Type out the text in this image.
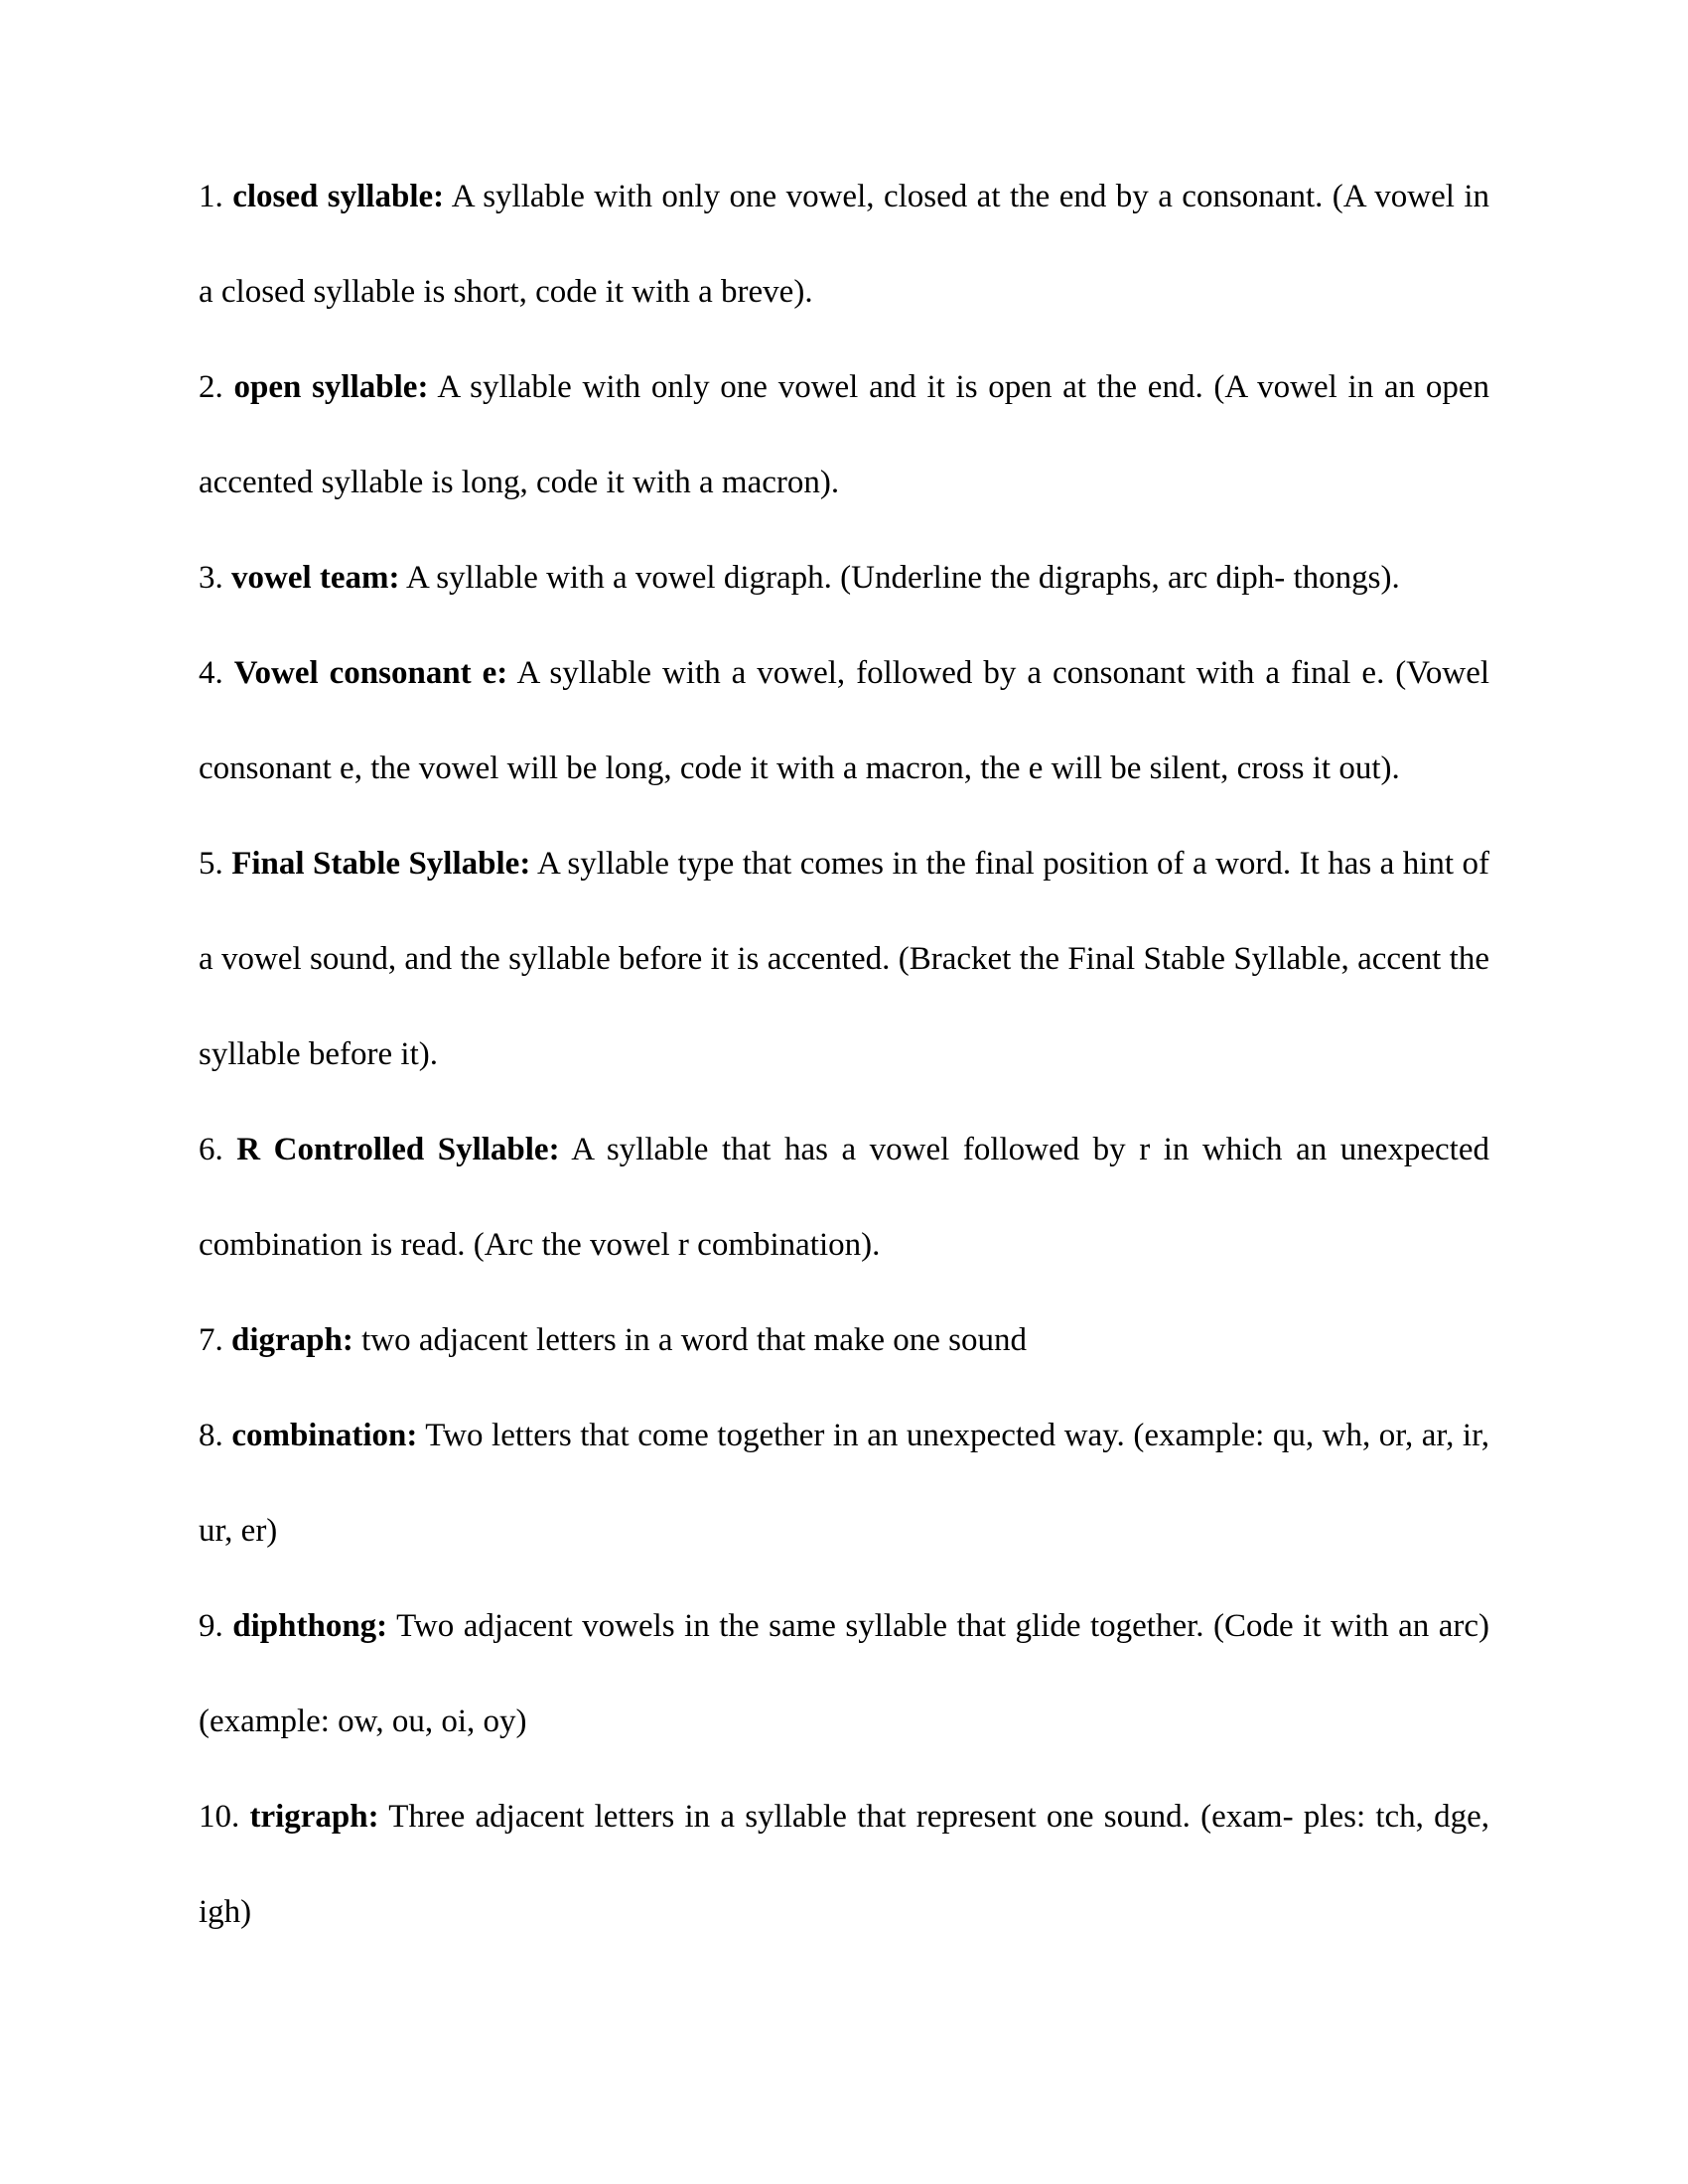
1. closed syllable: A syllable with only one vowel, closed at the end by a consonant. (A vowel in a closed syllable is short, code it with a breve).

2. open syllable: A syllable with only one vowel and it is open at the end. (A vowel in an open accented syllable is long, code it with a macron).

3. vowel team: A syllable with a vowel digraph. (Underline the digraphs, arc diph- thongs).

4. Vowel consonant e: A syllable with a vowel, followed by a consonant with a final e. (Vowel consonant e, the vowel will be long, code it with a macron, the e will be silent, cross it out).

5. Final Stable Syllable: A syllable type that comes in the final position of a word. It has a hint of a vowel sound, and the syllable before it is accented. (Bracket the Final Stable Syllable, accent the syllable before it).

6. R Controlled Syllable: A syllable that has a vowel followed by r in which an unexpected combination is read. (Arc the vowel r combination).

7. digraph: two adjacent letters in a word that make one sound

8. combination: Two letters that come together in an unexpected way. (example: qu, wh, or, ar, ir, ur, er)

9. diphthong: Two adjacent vowels in the same syllable that glide together. (Code it with an arc) (example: ow, ou, oi, oy)

10. trigraph: Three adjacent letters in a syllable that represent one sound. (exam- ples: tch, dge, igh)
